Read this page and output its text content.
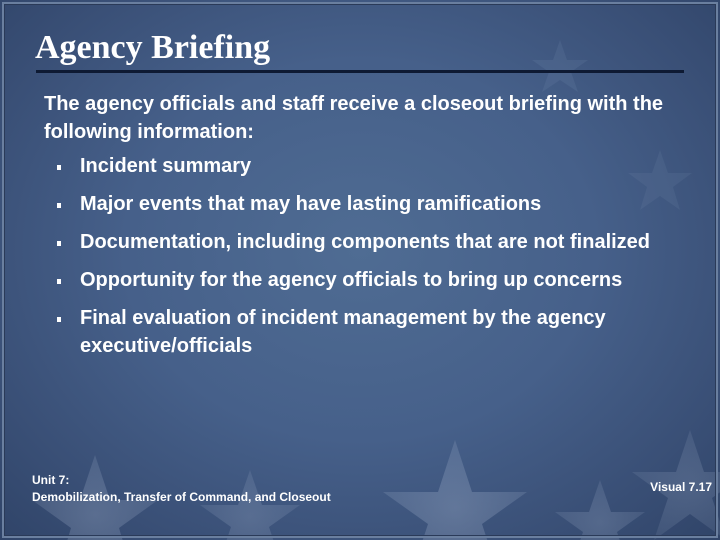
Agency Briefing
The agency officials and staff receive a closeout briefing with the following information:
Incident summary
Major events that may have lasting ramifications
Documentation, including components that are not finalized
Opportunity for the agency officials to bring up concerns
Final evaluation of incident management by the agency executive/officials
Unit 7:
Demobilization, Transfer of Command, and Closeout
Visual 7.17
